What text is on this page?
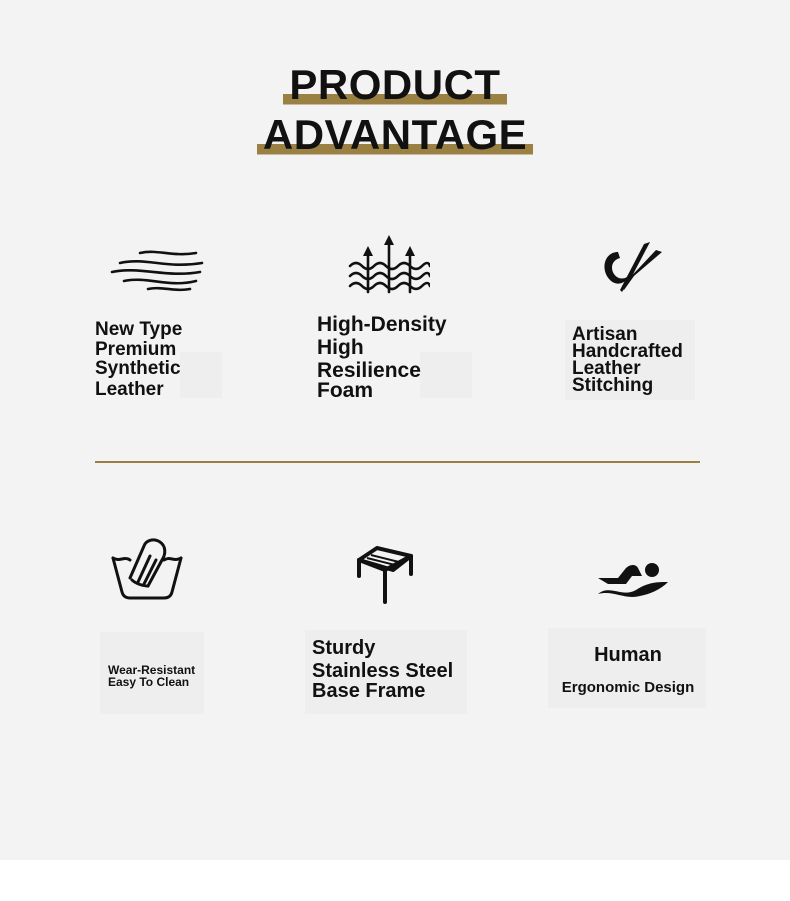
PRODUCT
ADVANTAGE
New Type
Premium
Synthetic
Leather
High-Density
High
Resilience
Foam
Artisan
Handcrafted
Leather
Stitching
Wear-Resistant
Easy To Clean
Sturdy
Stainless Steel
Base Frame
Human
Ergonomic Design
